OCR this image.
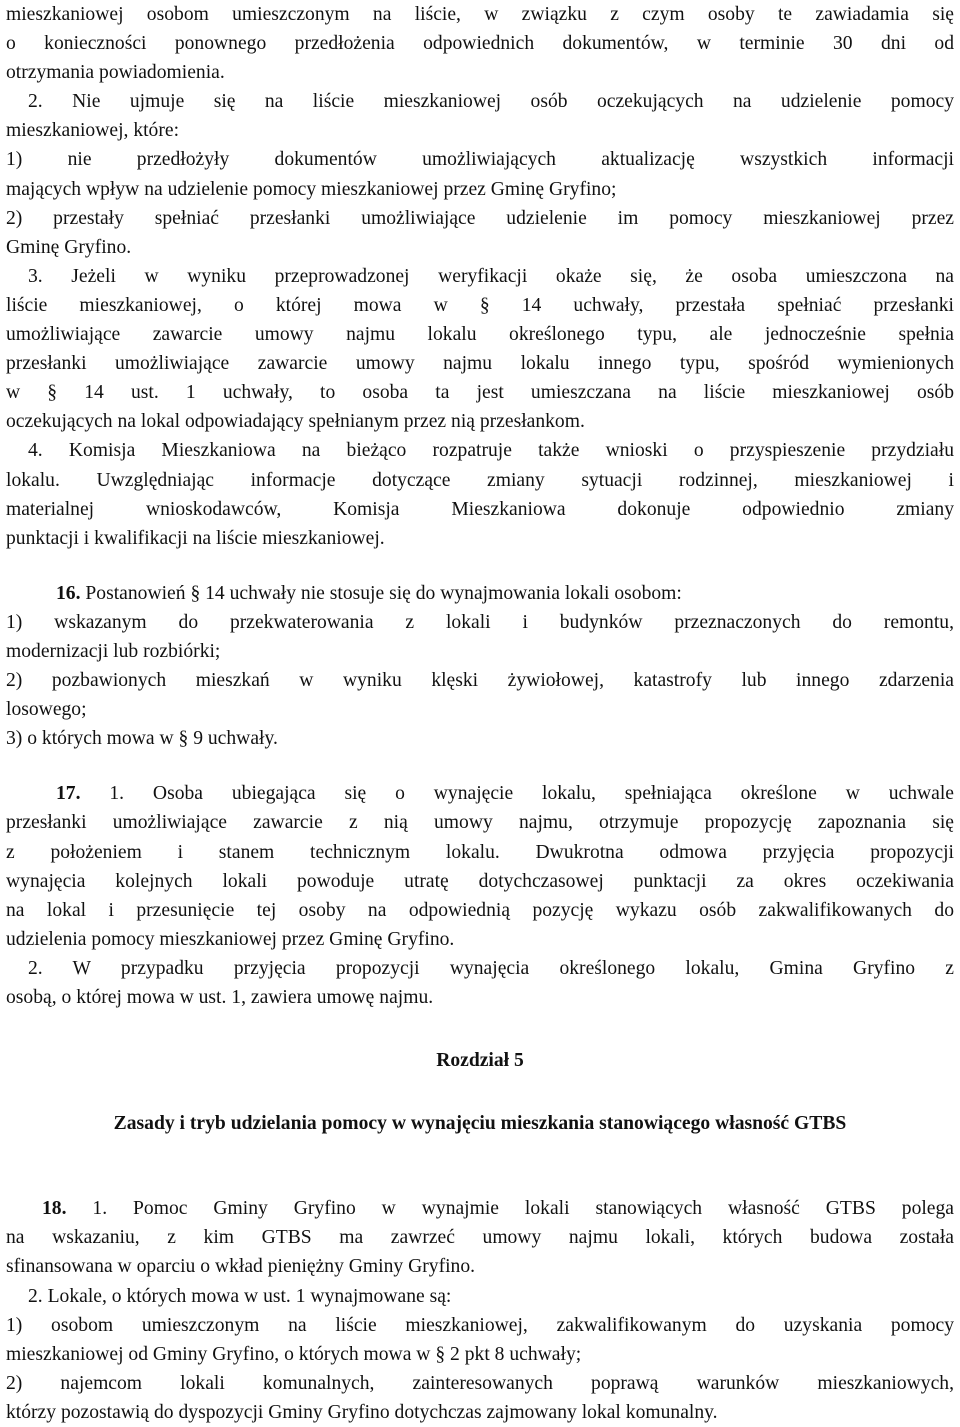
mieszkaniowej osobom umieszczonym na liście, w związku z czym osoby te zawiadamia się
o konieczności ponownego przedłożenia odpowiednich dokumentów, w terminie 30 dni od
otrzymania powiadomienia.
2. Nie ujmuje się na liście mieszkaniowej osób oczekujących na udzielenie pomocy
mieszkaniowej, które:
1) nie przedłożyły dokumentów umożliwiających aktualizację wszystkich informacji
mających wpływ na udzielenie pomocy mieszkaniowej przez Gminę Gryfino;
2) przestały spełniać przesłanki umożliwiające udzielenie im pomocy mieszkaniowej przez
Gminę Gryfino.
3. Jeżeli w wyniku przeprowadzonej weryfikacji okaże się, że osoba umieszczona na
liście mieszkaniowej, o której mowa w § 14 uchwały, przestała spełniać przesłanki
umożliwiające zawarcie umowy najmu lokalu określonego typu, ale jednocześnie spełnia
przesłanki umożliwiające zawarcie umowy najmu lokalu innego typu, spośród wymienionych
w § 14 ust. 1 uchwały, to osoba ta jest umieszczana na liście mieszkaniowej osób
oczekujących na lokal odpowiadający spełnianym przez nią przesłankom.
4. Komisja Mieszkaniowa na bieżąco rozpatruje także wnioski o przyspieszenie przydziału
lokalu. Uwzględniając informacje dotyczące zmiany sytuacji rodzinnej, mieszkaniowej i
materialnej wnioskodawców, Komisja Mieszkaniowa dokonuje odpowiednio zmiany
punktacji i kwalifikacji na liście mieszkaniowej.
16. Postanowień § 14 uchwały nie stosuje się do wynajmowania lokali osobom:
1) wskazanym do przekwaterowania z lokali i budynków przeznaczonych do remontu,
modernizacji lub rozbiórki;
2) pozbawionych mieszkań w wyniku klęski żywiołowej, katastrofy lub innego zdarzenia
losowego;
3) o których mowa w § 9 uchwały.
17. 1. Osoba ubiegająca się o wynajęcie lokalu, spełniająca określone w uchwale
przesłanki umożliwiające zawarcie z nią umowy najmu, otrzymuje propozycję zapoznania się
z położeniem i stanem technicznym lokalu. Dwukrotna odmowa przyjęcia propozycji
wynajęcia kolejnych lokali powoduje utratę dotychczasowej punktacji za okres oczekiwania
na lokal i przesunięcie tej osoby na odpowiednią pozycję wykazu osób zakwalifikowanych do
udzielenia pomocy mieszkaniowej przez Gminę Gryfino.
2. W przypadku przyjęcia propozycji wynajęcia określonego lokalu, Gmina Gryfino z
osobą, o której mowa w ust. 1, zawiera umowę najmu.
Rozdział 5
Zasady i tryb udzielania pomocy w wynajęciu mieszkania stanowiącego własność GTBS
18. 1. Pomoc Gminy Gryfino w wynajmie lokali stanowiących własność GTBS polega
na wskazaniu, z kim GTBS ma zawrzeć umowy najmu lokali, których budowa została
sfinansowana w oparciu o wkład pieniężny Gminy Gryfino.
2. Lokale, o których mowa w ust. 1 wynajmowane są:
1) osobom umieszczonym na liście mieszkaniowej, zakwalifikowanym do uzyskania pomocy
mieszkaniowej od Gminy Gryfino, o których mowa w § 2 pkt 8 uchwały;
2) najemcom lokali komunalnych, zainteresowanych poprawą warunków mieszkaniowych,
którzy pozostawią do dyspozycji Gminy Gryfino dotychczas zajmowany lokal komunalny.
